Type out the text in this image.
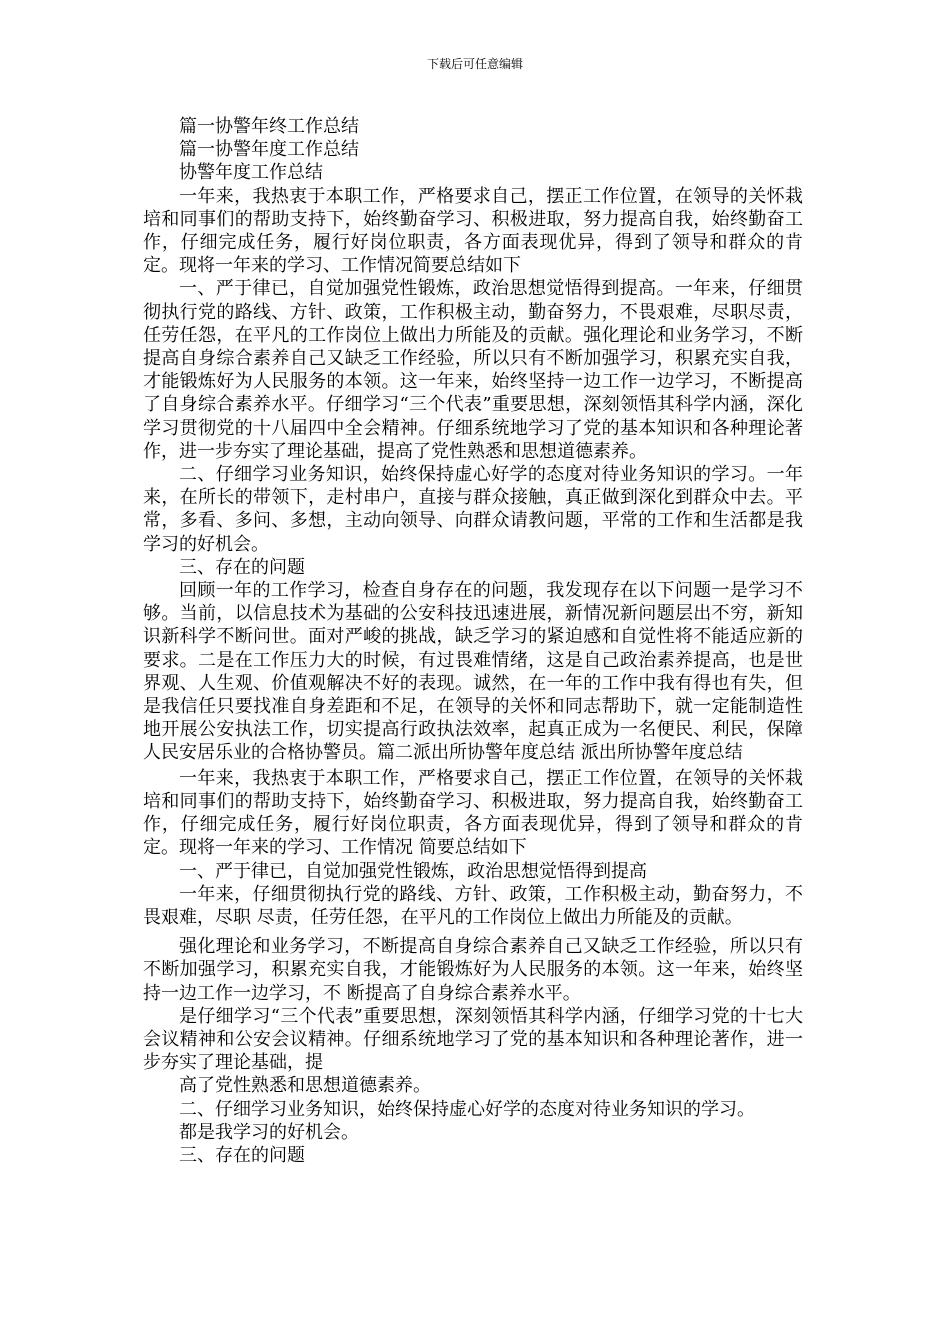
下载后可任意编辑

篇一协警年终工作总结

篇一协警年度工作总结

协警年度工作总结

一年来，我热衷于本职工作，严格要求自己，摆正工作位置，在领导的关怀栽培和同事们的帮助支持下，始终勤奋学习、积极进取，努力提高自我，始终勤奋工作，仔细完成任务，履行好岗位职责，各方面表现优异，得到了领导和群众的肯定。现将一年来的学习、工作情况简要总结如下

一、严于律已，自觉加强党性锻炼，政治思想觉悟得到提高。一年来，仔细贯彻执行党的路线、方针、政策，工作积极主动，勤奋努力，不畏艰难，尽职尽责，任劳任怨，在平凡的工作岗位上做出力所能及的贡献。强化理论和业务学习，不断提高自身综合素养自己又缺乏工作经验，所以只有不断加强学习，积累充实自我，才能锻炼好为人民服务的本领。这一年来，始终坚持一边工作一边学习，不断提高了自身综合素养水平。仔细学习“三个代表”重要思想，深刻领悟其科学内涵，深化学习贯彻党的十八届四中全会精神。仔细系统地学习了党的基本知识和各种理论著作，进一步夯实了理论基础，提高了党性熟悉和思想道德素养。

二、仔细学习业务知识，始终保持虚心好学的态度对待业务知识的学习。一年来，在所长的带领下，走村串户，直接与群众接触，真正做到深化到群众中去。平常，多看、多问、多想，主动向领导、向群众请教问题，平常的工作和生活都是我学习的好机会。

三、存在的问题

回顾一年的工作学习，检查自身存在的问题，我发现存在以下问题一是学习不够。当前，以信息技术为基础的公安科技迅速进展，新情况新问题层出不穷，新知识新科学不断问世。面对严峻的挑战，缺乏学习的紧迫感和自觉性将不能适应新的要求。二是在工作压力大的时候，有过畏难情绪，这是自己政治素养提高，也是世界观、人生观、价值观解决不好的表现。诚然，在一年的工作中我有得也有失，但是我信任只要找准自身差距和不足，在领导的关怀和同志帮助下，就一定能制造性地开展公安执法工作，切实提高行政执法效率，起真正成为一名便民、利民，保障人民安居乐业的合格协警员。篇二派出所协警年度总结 派出所协警年度总结

一年来，我热衷于本职工作，严格要求自己，摆正工作位置，在领导的关怀栽培和同事们的帮助支持下，始终勤奋学习、积极进取，努力提高自我，始终勤奋工作，仔细完成任务，履行好岗位职责，各方面表现优异，得到了领导和群众的肯定。现将一年来的学习、工作情况 简要总结如下

一、严于律已，自觉加强党性锻炼，政治思想觉悟得到提高

一年来，仔细贯彻执行党的路线、方针、政策，工作积极主动，勤奋努力，不畏艰难，尽职 尽责，任劳任怨，在平凡的工作岗位上做出力所能及的贡献。

强化理论和业务学习，不断提高自身综合素养自己又缺乏工作经验，所以只有不断加强学习，积累充实自我，才能锻炼好为人民服务的本领。这一年来，始终坚持一边工作一边学习，不 断提高了自身综合素养水平。

是仔细学习“三个代表”重要思想，深刻领悟其科学内涵，仔细学习党的十七大会议精神和公安会议精神。仔细系统地学习了党的基本知识和各种理论著作，进一步夯实了理论基础，提

高了党性熟悉和思想道德素养。

二、仔细学习业务知识，始终保持虚心好学的态度对待业务知识的学习。

都是我学习的好机会。

三、存在的问题
